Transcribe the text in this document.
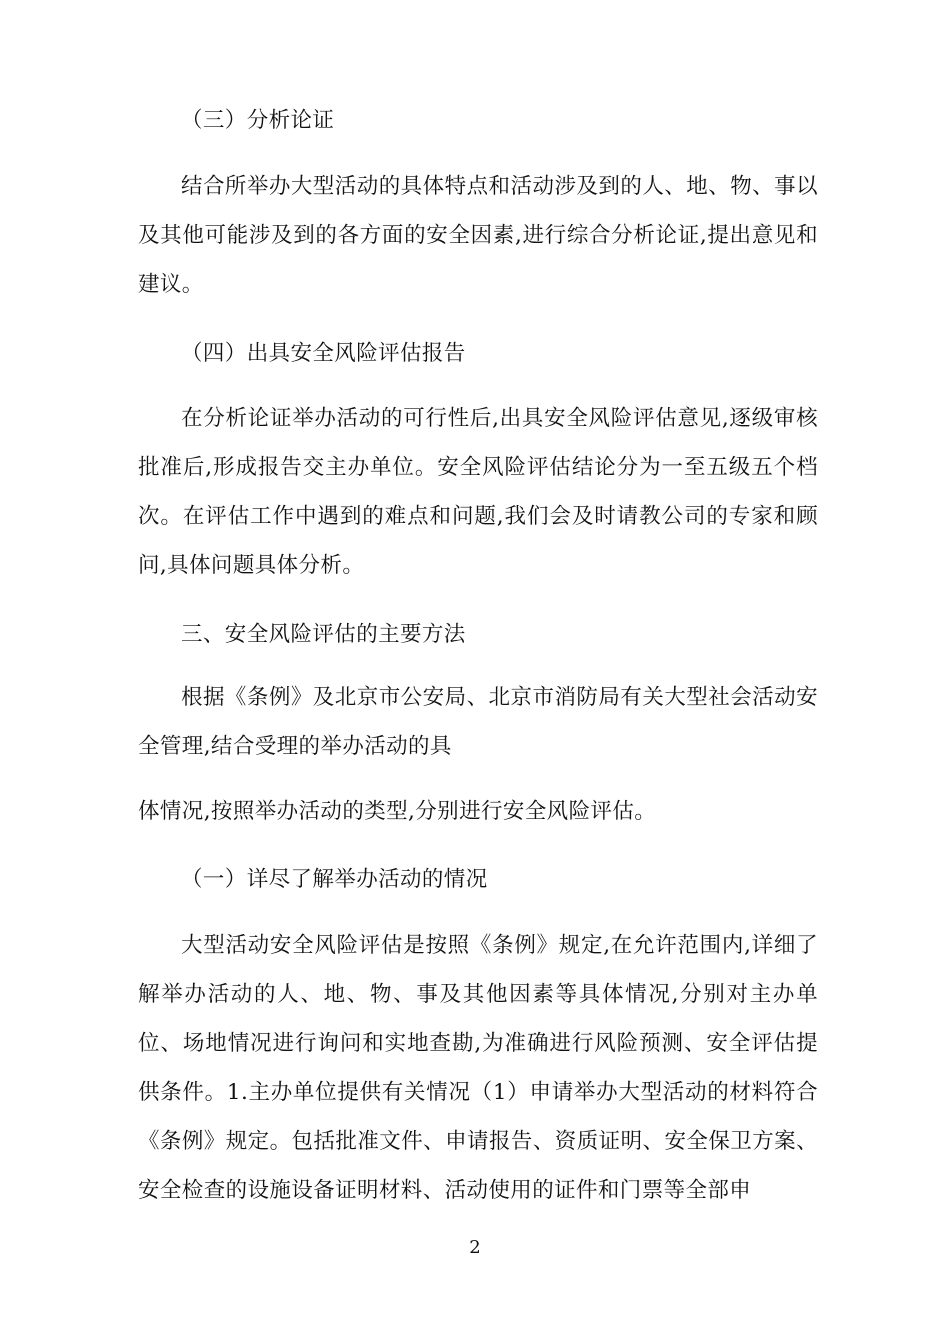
（三）分析论证

结合所举办大型活动的具体特点和活动涉及到的人、地、物、事以及其他可能涉及到的各方面的安全因素,进行综合分析论证,提出意见和建议。

（四）出具安全风险评估报告

在分析论证举办活动的可行性后,出具安全风险评估意见,逐级审核批准后,形成报告交主办单位。安全风险评估结论分为一至五级五个档次。在评估工作中遇到的难点和问题,我们会及时请教公司的专家和顾问,具体问题具体分析。

三、安全风险评估的主要方法

根据《条例》及北京市公安局、北京市消防局有关大型社会活动安全管理,结合受理的举办活动的具

体情况,按照举办活动的类型,分别进行安全风险评估。

（一）详尽了解举办活动的情况

大型活动安全风险评估是按照《条例》规定,在允许范围内,详细了解举办活动的人、地、物、事及其他因素等具体情况,分别对主办单位、场地情况进行询问和实地查勘,为准确进行风险预测、安全评估提供条件。1.主办单位提供有关情况（1）申请举办大型活动的材料符合《条例》规定。包括批准文件、申请报告、资质证明、安全保卫方案、安全检查的设施设备证明材料、活动使用的证件和门票等全部申

2
